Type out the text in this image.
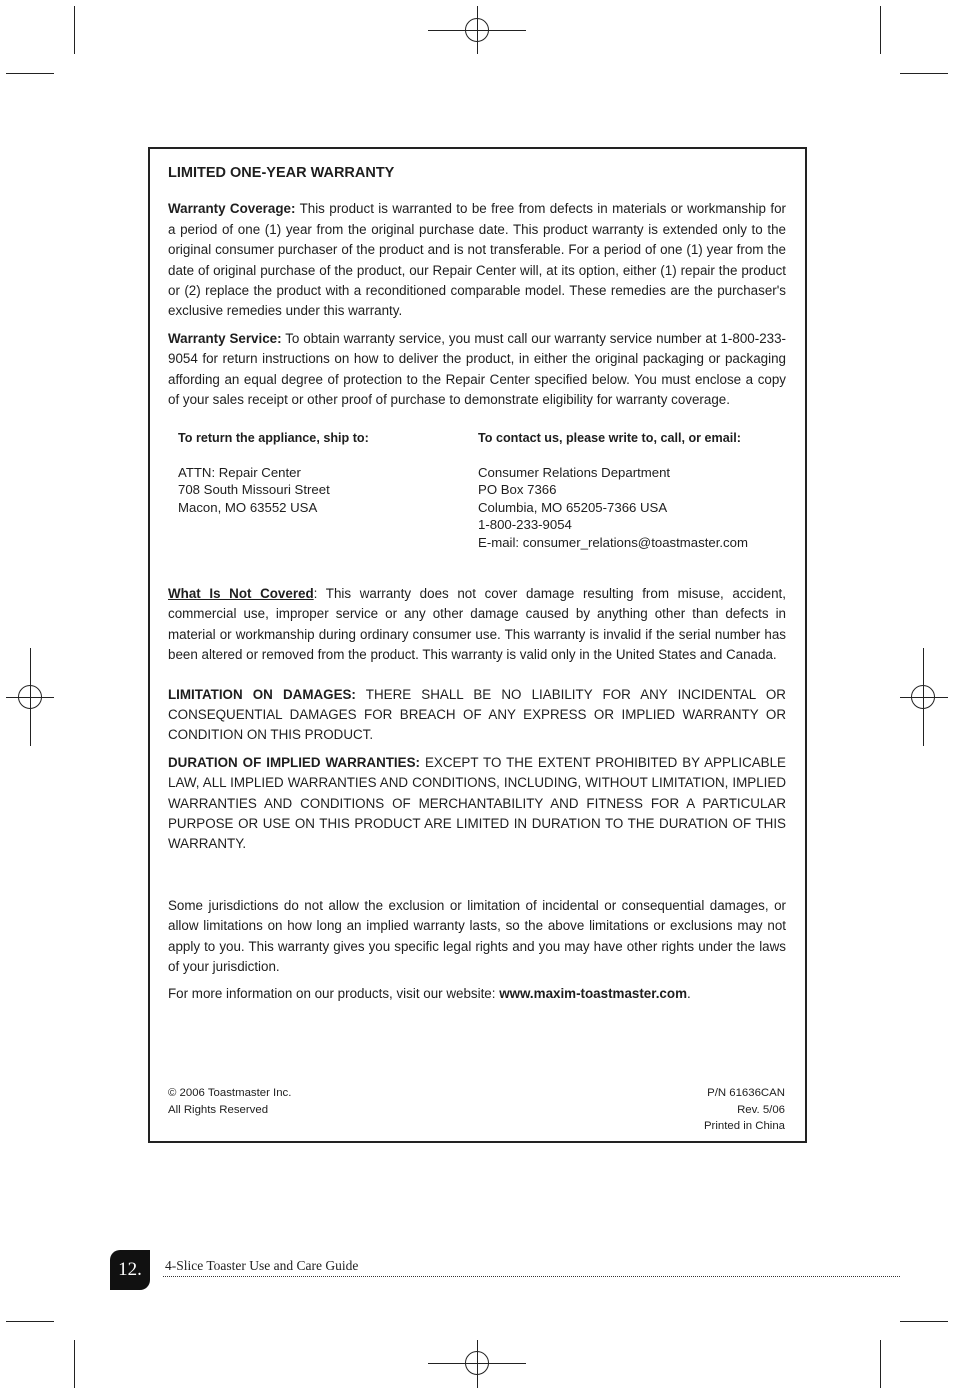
LIMITED ONE-YEAR WARRANTY

Warranty Coverage: This product is warranted to be free from defects in materials or workmanship for a period of one (1) year from the original purchase date. This product warranty is extended only to the original consumer purchaser of the product and is not transferable. For a period of one (1) year from the date of original purchase of the product, our Repair Center will, at its option, either (1) repair the product or (2) replace the product with a reconditioned comparable model. These remedies are the purchaser's exclusive remedies under this warranty.

Warranty Service: To obtain warranty service, you must call our warranty service number at 1-800-233-9054 for return instructions on how to deliver the product, in either the original packaging or packaging affording an equal degree of protection to the Repair Center specified below. You must enclose a copy of your sales receipt or other proof of purchase to demonstrate eligibility for warranty coverage.

To return the appliance, ship to:
ATTN: Repair Center
708 South Missouri Street
Macon, MO 63552 USA
To contact us, please write to, call, or email:
Consumer Relations Department
PO Box 7366
Columbia, MO 65205-7366 USA
1-800-233-9054
E-mail: consumer_relations@toastmaster.com

What Is Not Covered: This warranty does not cover damage resulting from misuse, accident, commercial use, improper service or any other damage caused by anything other than defects in material or workmanship during ordinary consumer use. This warranty is invalid if the serial number has been altered or removed from the product. This warranty is valid only in the United States and Canada.

LIMITATION ON DAMAGES: THERE SHALL BE NO LIABILITY FOR ANY INCIDENTAL OR CONSEQUENTIAL DAMAGES FOR BREACH OF ANY EXPRESS OR IMPLIED WARRANTY OR CONDITION ON THIS PRODUCT.

DURATION OF IMPLIED WARRANTIES: EXCEPT TO THE EXTENT PROHIBITED BY APPLICABLE LAW, ALL IMPLIED WARRANTIES AND CONDITIONS, INCLUDING, WITHOUT LIMITATION, IMPLIED WARRANTIES AND CONDITIONS OF MERCHANTABILITY AND FITNESS FOR A PARTICULAR PURPOSE OR USE ON THIS PRODUCT ARE LIMITED IN DURATION TO THE DURATION OF THIS WARRANTY.

Some jurisdictions do not allow the exclusion or limitation of incidental or consequential damages, or allow limitations on how long an implied warranty lasts, so the above limitations or exclusions may not apply to you. This warranty gives you specific legal rights and you may have other rights under the laws of your jurisdiction.

For more information on our products, visit our website: www.maxim-toastmaster.com.

© 2006 Toastmaster Inc.
All Rights Reserved
P/N 61636CAN
Rev. 5/06
Printed in China
12.	4-Slice Toaster Use and Care Guide
